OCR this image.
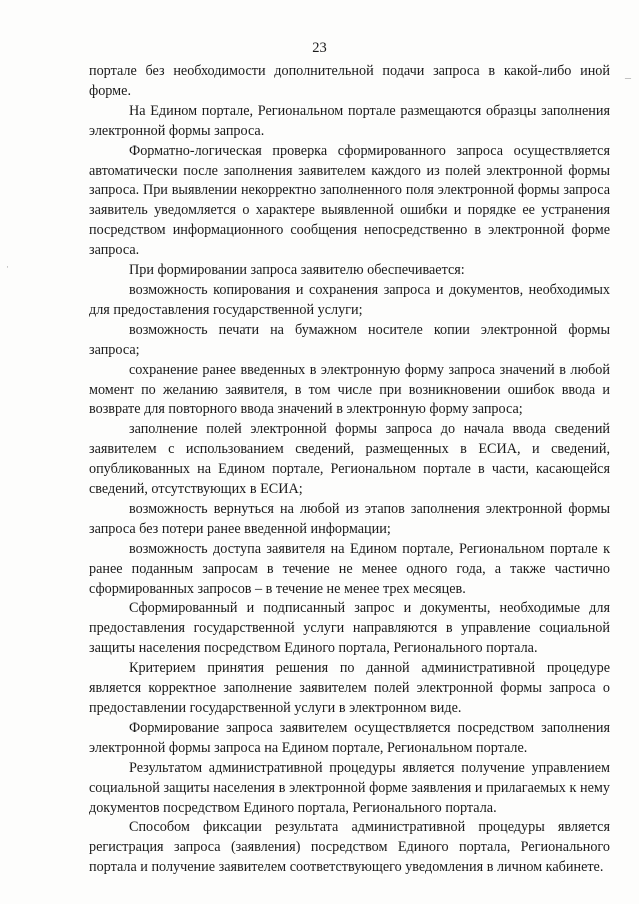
23
–
·

портале без необходимости дополнительной подачи запроса в какой-либо иной форме.

На Едином портале, Региональном портале размещаются образцы заполнения электронной формы запроса.

Форматно-логическая проверка сформированного запроса осуществляется автоматически после заполнения заявителем каждого из полей электронной формы запроса. При выявлении некорректно заполненного поля электронной формы запроса заявитель уведомляется о характере выявленной ошибки и порядке ее устранения посредством информационного сообщения непосредственно в электронной форме запроса.

При формировании запроса заявителю обеспечивается:

возможность копирования и сохранения запроса и документов, необходимых для предоставления государственной услуги;

возможность печати на бумажном носителе копии электронной формы запроса;

сохранение ранее введенных в электронную форму запроса значений в любой момент по желанию заявителя, в том числе при возникновении ошибок ввода и возврате для повторного ввода значений в электронную форму запроса;

заполнение полей электронной формы запроса до начала ввода сведений заявителем с использованием сведений, размещенных в ЕСИА, и сведений, опубликованных на Едином портале, Региональном портале в части, касающейся сведений, отсутствующих в ЕСИА;

возможность вернуться на любой из этапов заполнения электронной формы запроса без потери ранее введенной информации;

возможность доступа заявителя на Едином портале, Региональном портале к ранее поданным запросам в течение не менее одного года, а также частично сформированных запросов – в течение не менее трех месяцев.

Сформированный и подписанный запрос и документы, необходимые для предоставления государственной услуги направляются в управление социальной защиты населения посредством Единого портала, Регионального портала.

Критерием принятия решения по данной административной процедуре является корректное заполнение заявителем полей электронной формы запроса о предоставлении государственной услуги в электронном виде.

Формирование запроса заявителем осуществляется посредством заполнения электронной формы запроса на Едином портале, Региональном портале.

Результатом административной процедуры является получение управлением социальной защиты населения в электронной форме заявления и прилагаемых к нему документов посредством Единого портала, Регионального портала.

Способом фиксации результата административной процедуры является регистрация запроса (заявления) посредством Единого портала, Регионального портала и получение заявителем соответствующего уведомления в личном кабинете.
